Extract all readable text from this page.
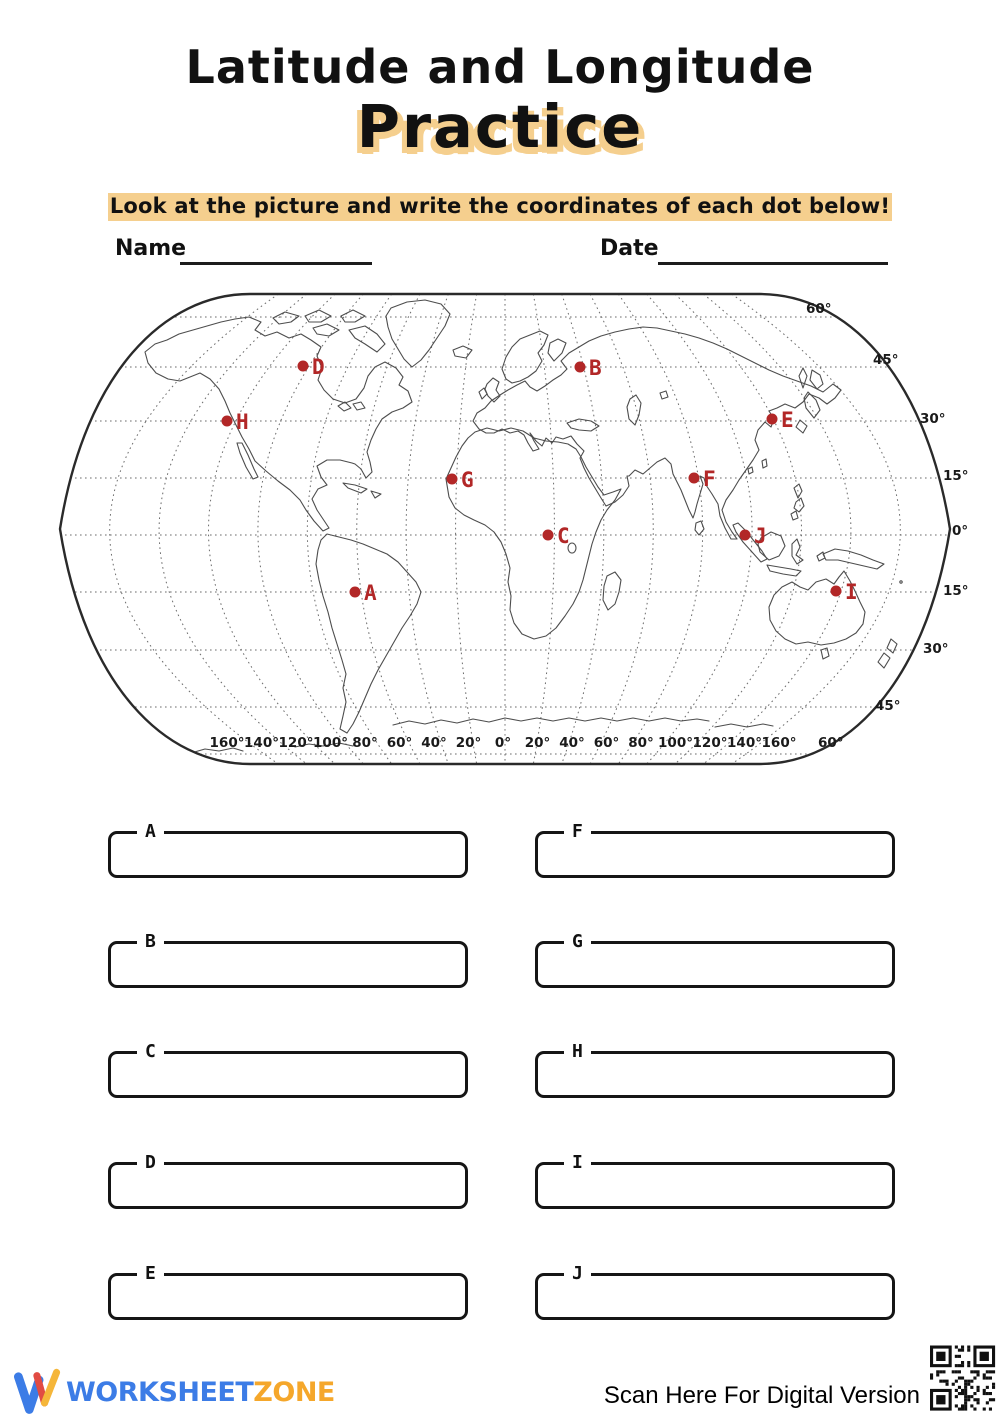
Latitude and Longitude
Practice
Look at the picture and write the coordinates of each dot below!
Name	Date
160° 140° 120° 100° 80° 60° 40° 20° 0° 20° 40° 60° 80° 100° 120° 140° 160°
60°
45°
30°
15°
0°
15°
30°
45°
60°
A
B
C
D
E
F
G
H
I
J
A
B
C
D
E
F
G
H
I
J
WORKSHEETZONE	Scan Here For Digital Version
